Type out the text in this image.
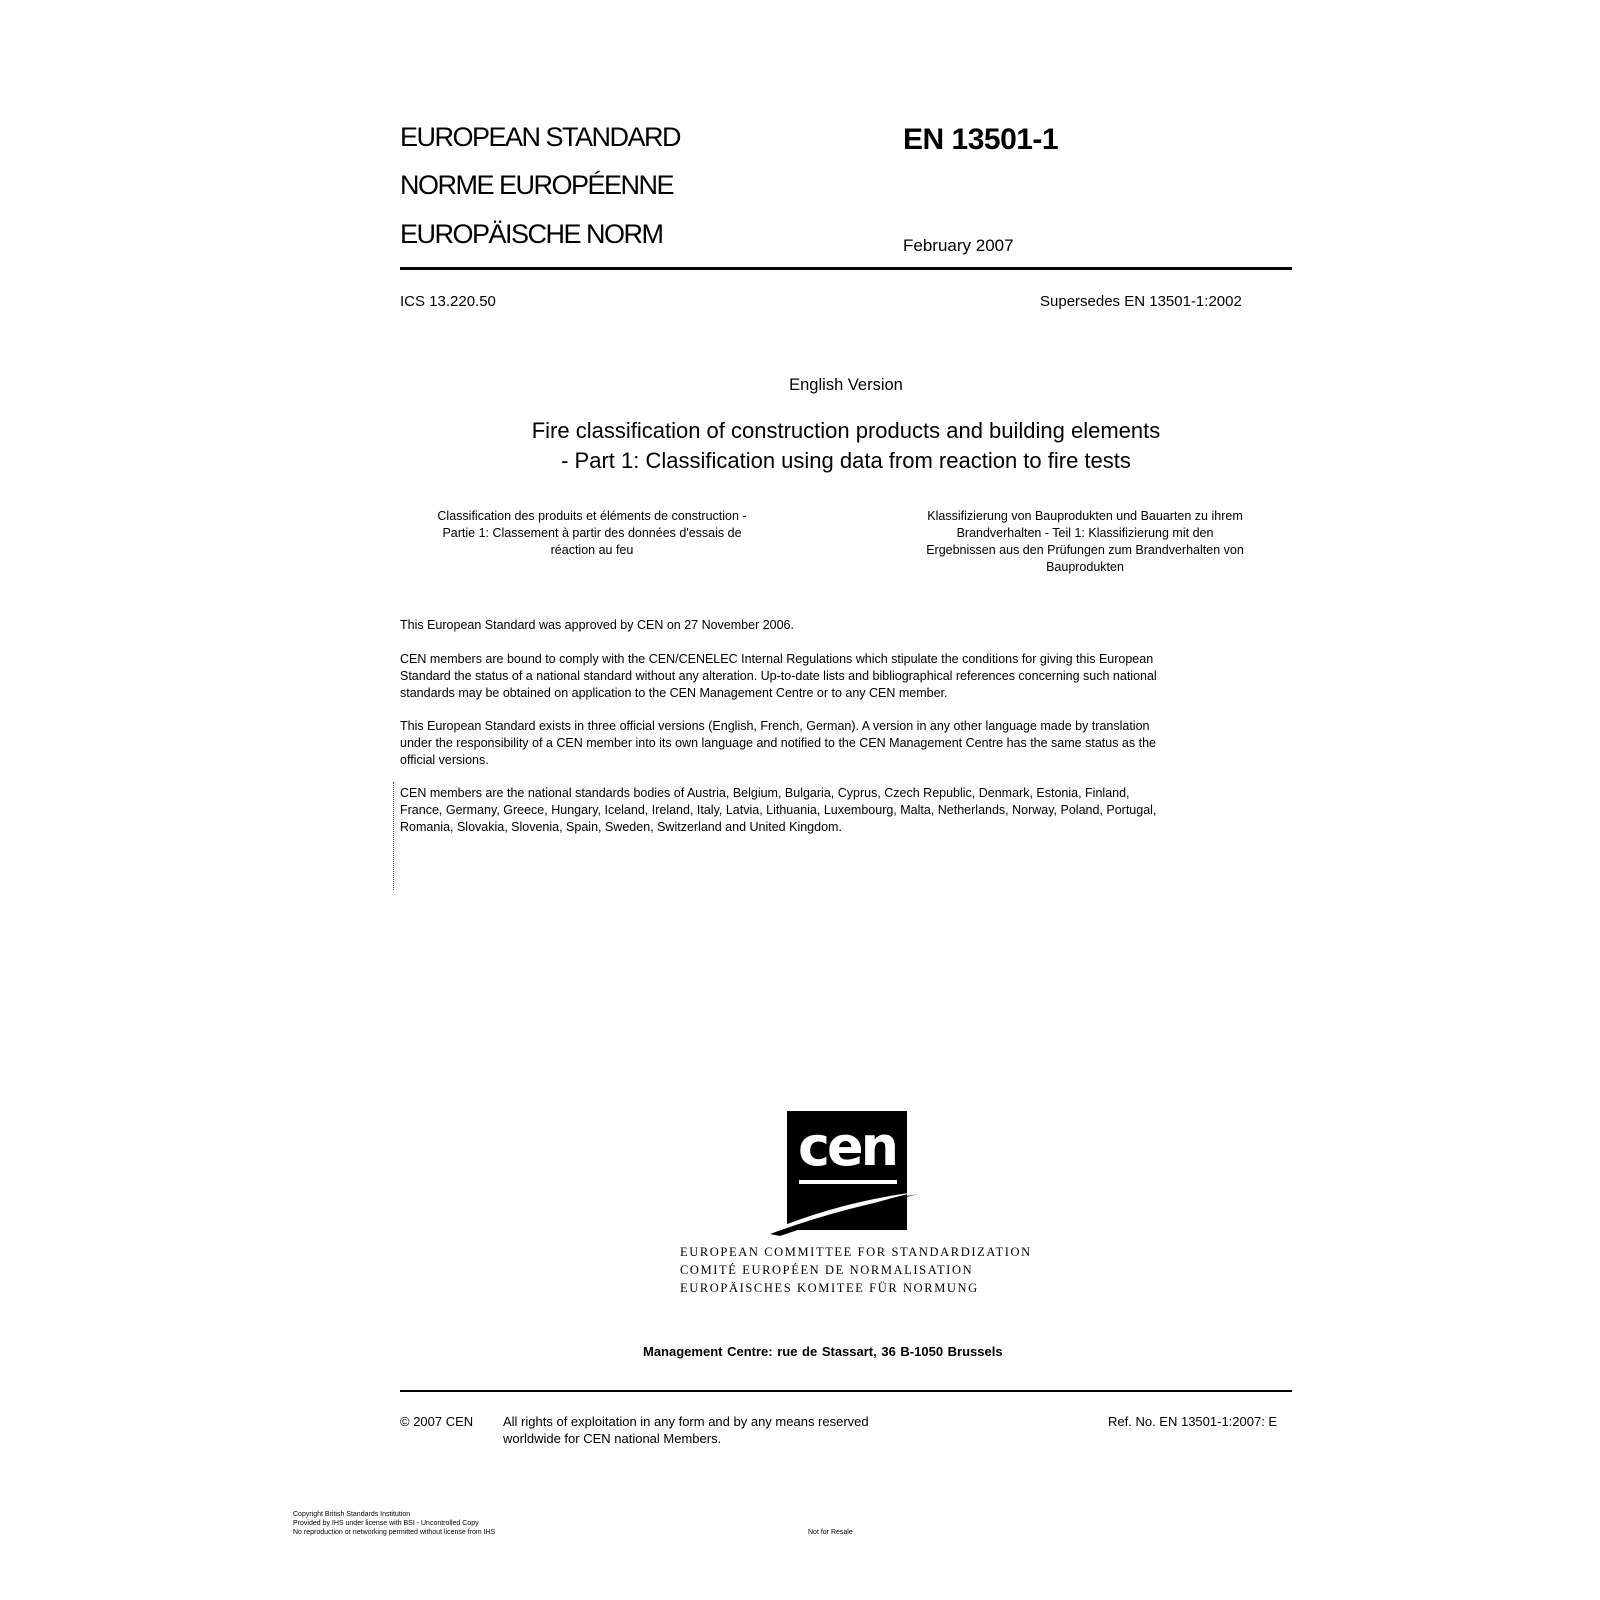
EUROPEAN STANDARD
NORME EUROPÉENNE
EUROPÄISCHE NORM
EN 13501-1
February 2007
ICS 13.220.50	Supersedes EN 13501-1:2002
English Version
Fire classification of construction products and building elements
- Part 1: Classification using data from reaction to fire tests
Classification des produits et éléments de construction -
Partie 1: Classement à partir des données d'essais de
réaction au feu
Klassifizierung von Bauprodukten und Bauarten zu ihrem
Brandverhalten - Teil 1: Klassifizierung mit den
Ergebnissen aus den Prüfungen zum Brandverhalten von
Bauprodukten

This European Standard was approved by CEN on 27 November 2006.

CEN members are bound to comply with the CEN/CENELEC Internal Regulations which stipulate the conditions for giving this European

Standard the status of a national standard without any alteration. Up-to-date lists and bibliographical references concerning such national

standards may be obtained on application to the CEN Management Centre or to any CEN member.

This European Standard exists in three official versions (English, French, German). A version in any other language made by translation

under the responsibility of a CEN member into its own language and notified to the CEN Management Centre has the same status as the

official versions.

CEN members are the national standards bodies of Austria, Belgium, Bulgaria, Cyprus, Czech Republic, Denmark, Estonia, Finland,

France, Germany, Greece, Hungary, Iceland, Ireland, Italy, Latvia, Lithuania, Luxembourg, Malta, Netherlands, Norway, Poland, Portugal,

Romania, Slovakia, Slovenia, Spain, Sweden, Switzerland and United Kingdom.

cen
EUROPEAN COMMITTEE FOR STANDARDIZATION
COMITÉ EUROPÉEN DE NORMALISATION
EUROPÄISCHES KOMITEE FÜR NORMUNG
Management Centre: rue de Stassart, 36 B-1050 Brussels
© 2007 CEN All rights of exploitation in any form and by any means reserved
worldwide for CEN national Members.
Ref. No. EN 13501-1:2007: E
Copyright British Standards Institution
Provided by IHS under license with BSI - Uncontrolled Copy
No reproduction or networking permitted without license from IHS	Not for Resale
